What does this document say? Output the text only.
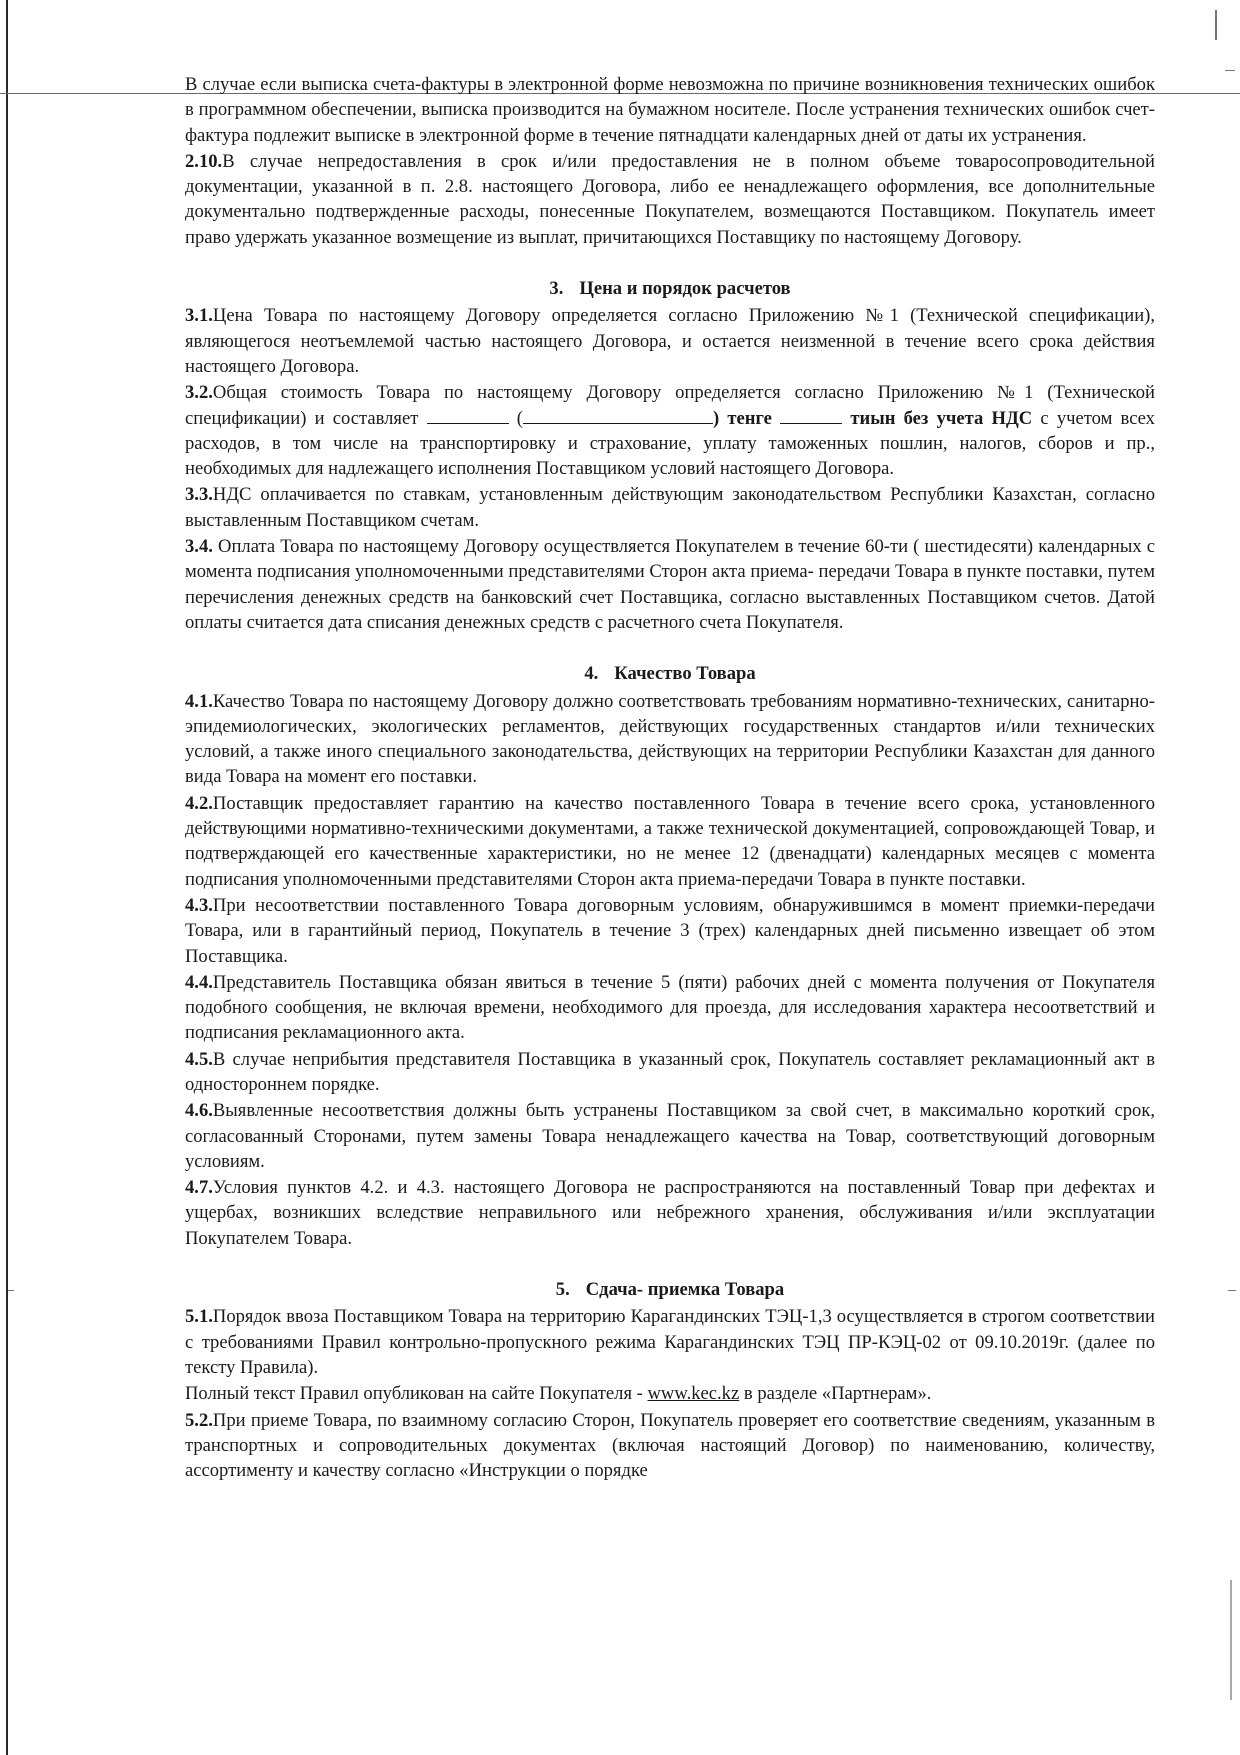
В случае если выписка счета-фактуры в электронной форме невозможна по причине возникновения технических ошибок в программном обеспечении, выписка производится на бумажном носителе. После устранения технических ошибок счет-фактура подлежит выписке в электронной форме в течение пятнадцати календарных дней от даты их устранения.

2.10.В случае непредоставления в срок и/или предоставления не в полном объеме товаросопроводительной документации, указанной в п. 2.8. настоящего Договора, либо ее ненадлежащего оформления, все дополнительные документально подтвержденные расходы, понесенные Покупателем, возмещаются Поставщиком. Покупатель имеет право удержать указанное возмещение из выплат, причитающихся Поставщику по настоящему Договору.

3. Цена и порядок расчетов

3.1.Цена Товара по настоящему Договору определяется согласно Приложению №1 (Технической спецификации), являющегося неотъемлемой частью настоящего Договора, и остается неизменной в течение всего срока действия настоящего Договора.

3.2.Общая стоимость Товара по настоящему Договору определяется согласно Приложению №1 (Технической спецификации) и составляет	(	) тенге	тиын без учета НДС с учетом всех расходов, в том числе на транспортировку и страхование, уплату таможенных пошлин, налогов, сборов и пр., необходимых для надлежащего исполнения Поставщиком условий настоящего Договора.

3.3.НДС оплачивается по ставкам, установленным действующим законодательством Республики Казахстан, согласно выставленным Поставщиком счетам.

3.4. Оплата Товара по настоящему Договору осуществляется Покупателем в течение 60-ти ( шестидесяти) календарных с момента подписания уполномоченными представителями Сторон акта приема- передачи Товара в пункте поставки, путем перечисления денежных средств на банковский счет Поставщика, согласно выставленных Поставщиком счетов. Датой оплаты считается дата списания денежных средств с расчетного счета Покупателя.

4. Качество Товара

4.1.Качество Товара по настоящему Договору должно соответствовать требованиям нормативно-технических, санитарно-эпидемиологических, экологических регламентов, действующих государственных стандартов и/или технических условий, а также иного специального законодательства, действующих на территории Республики Казахстан для данного вида Товара на момент его поставки.

4.2.Поставщик предоставляет гарантию на качество поставленного Товара в течение всего срока, установленного действующими нормативно-техническими документами, а также технической документацией, сопровождающей Товар, и подтверждающей его качественные характеристики, но не менее 12 (двенадцати) календарных месяцев с момента подписания уполномоченными представителями Сторон акта приема-передачи Товара в пункте поставки.

4.3.При несоответствии поставленного Товара договорным условиям, обнаружившимся в момент приемки-передачи Товара, или в гарантийный период, Покупатель в течение 3 (трех) календарных дней письменно извещает об этом Поставщика.

4.4.Представитель Поставщика обязан явиться в течение 5 (пяти) рабочих дней с момента получения от Покупателя подобного сообщения, не включая времени, необходимого для проезда, для исследования характера несоответствий и подписания рекламационного акта.

4.5.В случае неприбытия представителя Поставщика в указанный срок, Покупатель составляет рекламационный акт в одностороннем порядке.

4.6.Выявленные несоответствия должны быть устранены Поставщиком за свой счет, в максимально короткий срок, согласованный Сторонами, путем замены Товара ненадлежащего качества на Товар, соответствующий договорным условиям.

4.7.Условия пунктов 4.2. и 4.3. настоящего Договора не распространяются на поставленный Товар при дефектах и ущербах, возникших вследствие неправильного или небрежного хранения, обслуживания и/или эксплуатации Покупателем Товара.

5. Сдача- приемка Товара

5.1.Порядок ввоза Поставщиком Товара на территорию Карагандинских ТЭЦ-1,3 осуществляется в строгом соответствии с требованиями Правил контрольно-пропускного режима Карагандинских ТЭЦ ПР-КЭЦ-02 от 09.10.2019г. (далее по тексту Правила).

Полный текст Правил опубликован на сайте Покупателя - www.kec.kz в разделе «Партнерам».

5.2.При приеме Товара, по взаимному согласию Сторон, Покупатель проверяет его соответствие сведениям, указанным в транспортных и сопроводительных документах (включая настоящий Договор) по наименованию, количеству, ассортименту и качеству согласно «Инструкции о порядке
